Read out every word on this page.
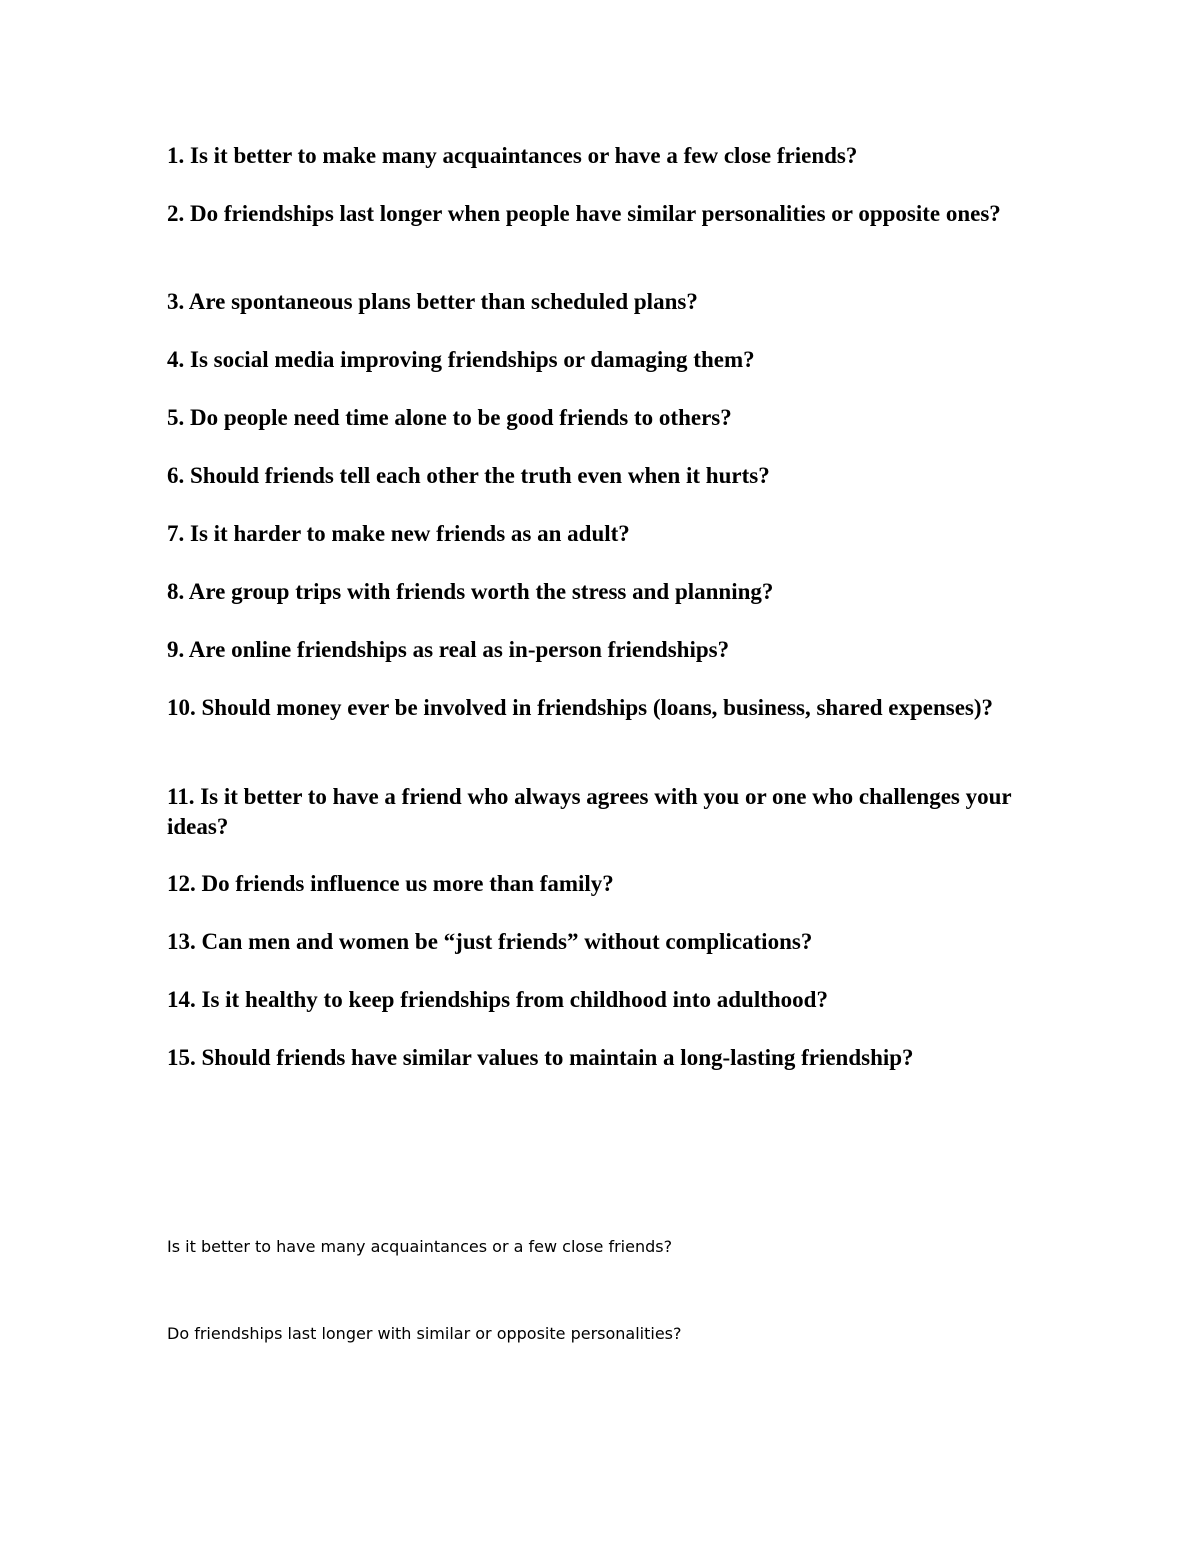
1. Is it better to make many acquaintances or have a few close friends?

2. Do friendships last longer when people have similar personalities or opposite ones?

3. Are spontaneous plans better than scheduled plans?

4. Is social media improving friendships or damaging them?

5. Do people need time alone to be good friends to others?

6. Should friends tell each other the truth even when it hurts?

7. Is it harder to make new friends as an adult?

8. Are group trips with friends worth the stress and planning?

9. Are online friendships as real as in-person friendships?

10. Should money ever be involved in friendships (loans, business, shared expenses)?

11. Is it better to have a friend who always agrees with you or one who challenges your ideas?

12. Do friends influence us more than family?

13. Can men and women be “just friends” without complications?

14. Is it healthy to keep friendships from childhood into adulthood?

15. Should friends have similar values to maintain a long-lasting friendship?

Is it better to have many acquaintances or a few close friends?

Do friendships last longer with similar or opposite personalities?
